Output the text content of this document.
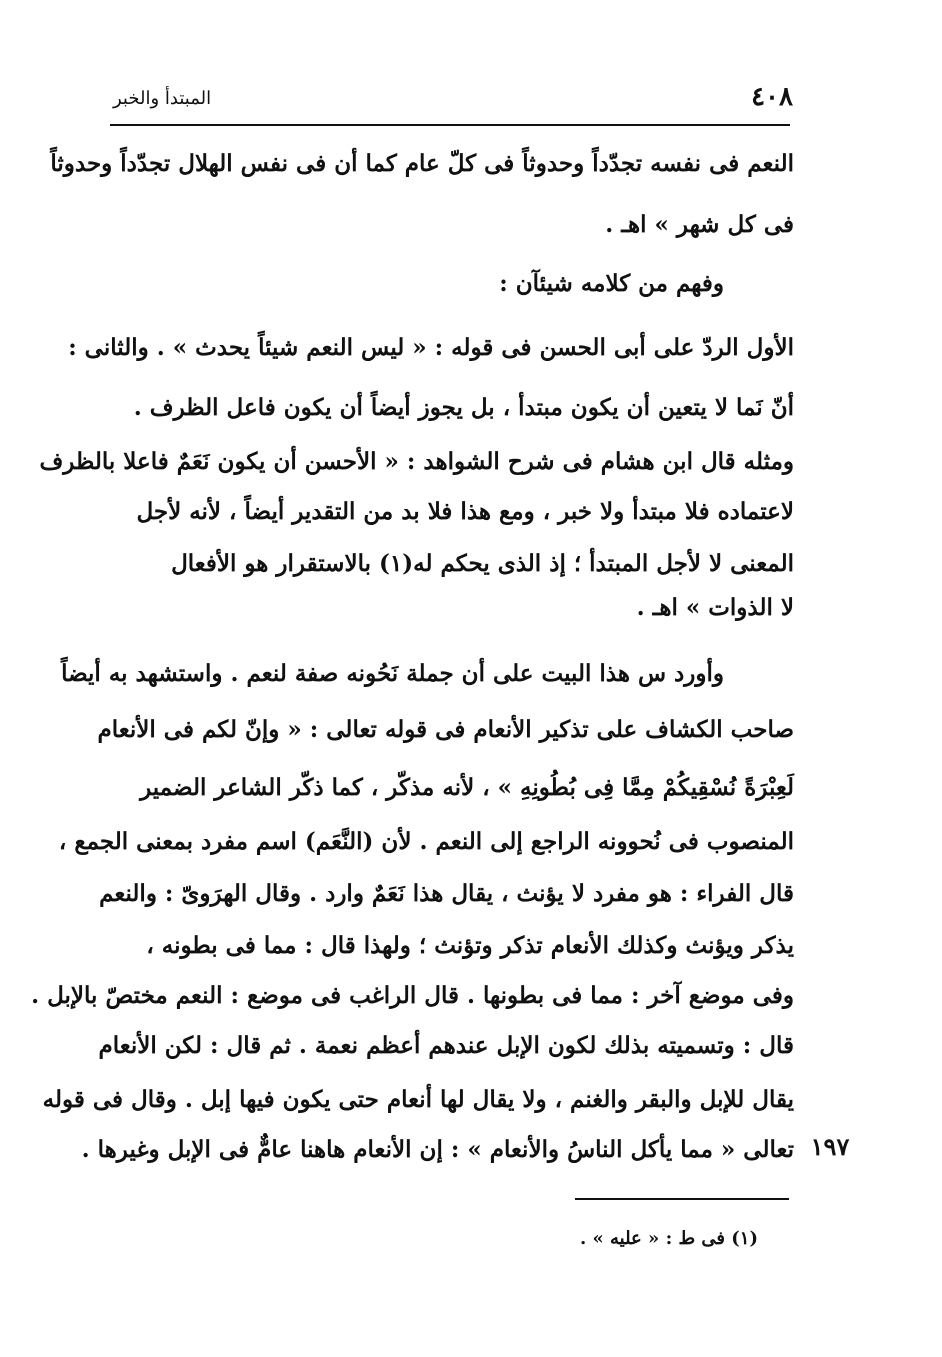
٤٠٨
المبتدأ والخبر
النعم فى نفسه تجدّداً وحدوثاً فى كلّ عام كما أن فى نفس الهلال تجدّداً وحدوثاً
فى كل شهر » اهـ .
وفهم من كلامه شيئآن :
الأول الردّ على أبى الحسن فى قوله : « ليس النعم شيئاً يحدث » . والثانى :
أنّ نَما لا يتعين أن يكون مبتدأ ، بل يجوز أيضاً أن يكون فاعل الظرف .
ومثله قال ابن هشام فى شرح الشواهد : « الأحسن أن يكون نَعَمٌ فاعلا بالظرف
لاعتماده فلا مبتدأ ولا خبر ، ومع هذا فلا بد من التقدير أيضاً ، لأنه لأجل
المعنى لا لأجل المبتدأ ؛ إذ الذى يحكم له(١) بالاستقرار هو الأفعال
لا الذوات » اهـ .
وأورد س هذا البيت على أن جملة نَحُونه صفة لنعم . واستشهد به أيضاً
صاحب الكشاف على تذكير الأنعام فى قوله تعالى : « وإنّ لكم فى الأنعام
لَعِبْرَةً نُسْقِيكُمْ مِمَّا فِى بُطُونِهِ » ، لأنه مذكّر ، كما ذكّر الشاعر الضمير
المنصوب فى نُحوونه الراجع إلى النعم . لأن (النَّعَم) اسم مفرد بمعنى الجمع ،
قال الفراء : هو مفرد لا يؤنث ، يقال هذا نَعَمٌ وارد . وقال الهرَوىّ : والنعم
يذكر ويؤنث وكذلك الأنعام تذكر وتؤنث ؛ ولهذا قال : مما فى بطونه ،
وفى موضع آخر : مما فى بطونها . قال الراغب فى موضع : النعم مختصّ بالإبل .
قال : وتسميته بذلك لكون الإبل عندهم أعظم نعمة . ثم قال : لكن الأنعام
يقال للإبل والبقر والغنم ، ولا يقال لها أنعام حتى يكون فيها إبل . وقال فى قوله
تعالى « مما يأكل الناسُ والأنعام » : إن الأنعام هاهنا عامٌّ فى الإبل وغيرها . ١٩٧
(١) فى ط : « عليه » .
